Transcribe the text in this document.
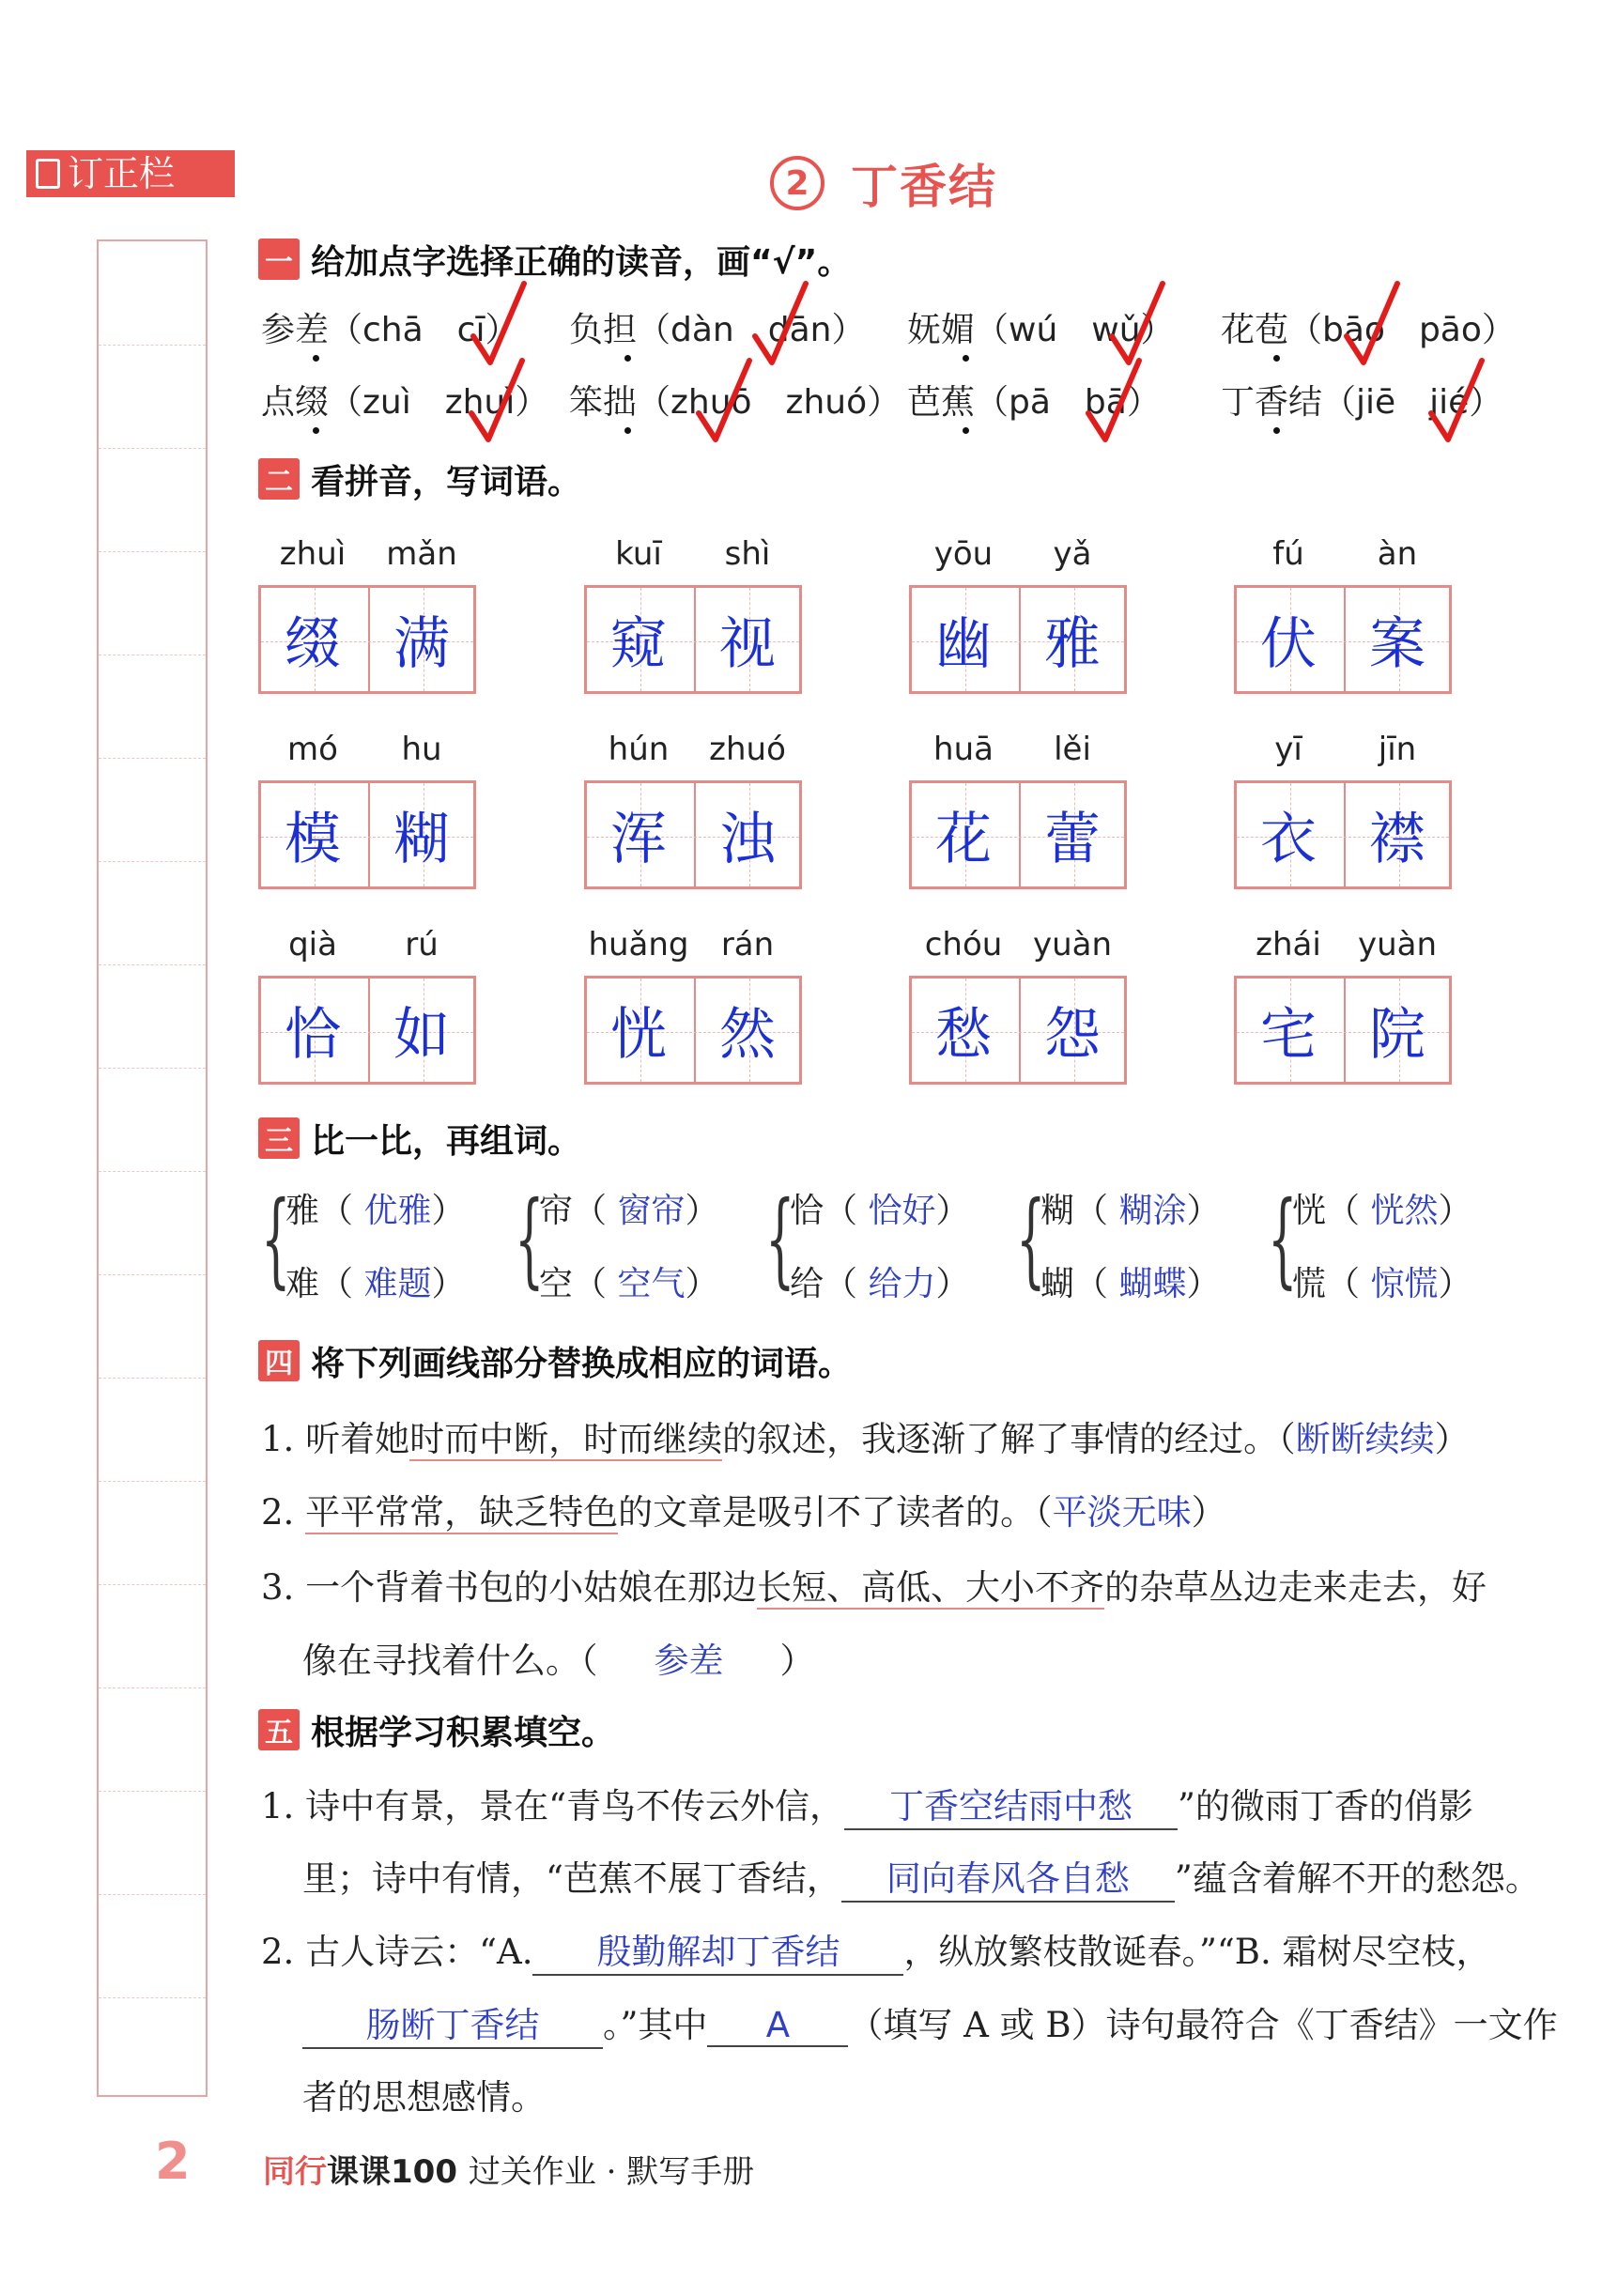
订正栏	2 丁香结
一 给加点字选择正确的读音，画“√”。
参差（chā　cī） 负担（dàn　dān） 妩媚（wú　wǔ） 花苞（bāo　pāo）
点缀（zuì　zhuì） 笨拙（zhuō　zhuó） 芭蕉（pā　bā） 丁香结（jiē　jié）
二 看拼音，写词语。
zhuì	mǎn
缀 满
kuī	shì
窥 视
yōu	yǎ
幽 雅
fú	àn
伏 案
mó	hu
模 糊
hún	zhuó
浑 浊
huā	lěi
花 蕾
yī	jīn
衣 襟
qià	rú
恰 如
huǎng	rán
恍 然
chóu yuàn
愁 怨
zhái	yuàn
宅 院
三 比一比，再组词。
{
雅（ 优雅）
难（ 难题） {
帘（ 窗帘）
空（ 空气） {
恰（ 恰好）
给（ 给力） {
糊（ 糊涂）
蝴（ 蝴蝶） {
恍（ 恍然）
慌（ 惊慌）
四 将下列画线部分替换成相应的词语。
1. 听着她时而中断，时而继续的叙述，我逐渐了解了事情的经过。（断断续续）
2. 平平常常，缺乏特色的文章是吸引不了读者的。（平淡无味）
3. 一个背着书包的小姑娘在那边长短、高低、大小不齐的杂草丛边走来走去，好
像在寻找着什么。（ 参差 ）
五 根据学习积累填空。
1. 诗中有景，景在“青鸟不传云外信， 丁香空结雨中愁 ”的微雨丁香的俏影
里；诗中有情，“芭蕉不展丁香结， 同向春风各自愁 ”蕴含着解不开的愁怨。
2. 古人诗云：“A. 殷勤解却丁香结 ，纵放繁枝散诞春。”“B. 霜树尽空枝，
肠断丁香结 。”其中 A （填写 A 或 B）诗句最符合《丁香结》一文作
者的思想感情。
2 同行课课100 过关作业 · 默写手册
